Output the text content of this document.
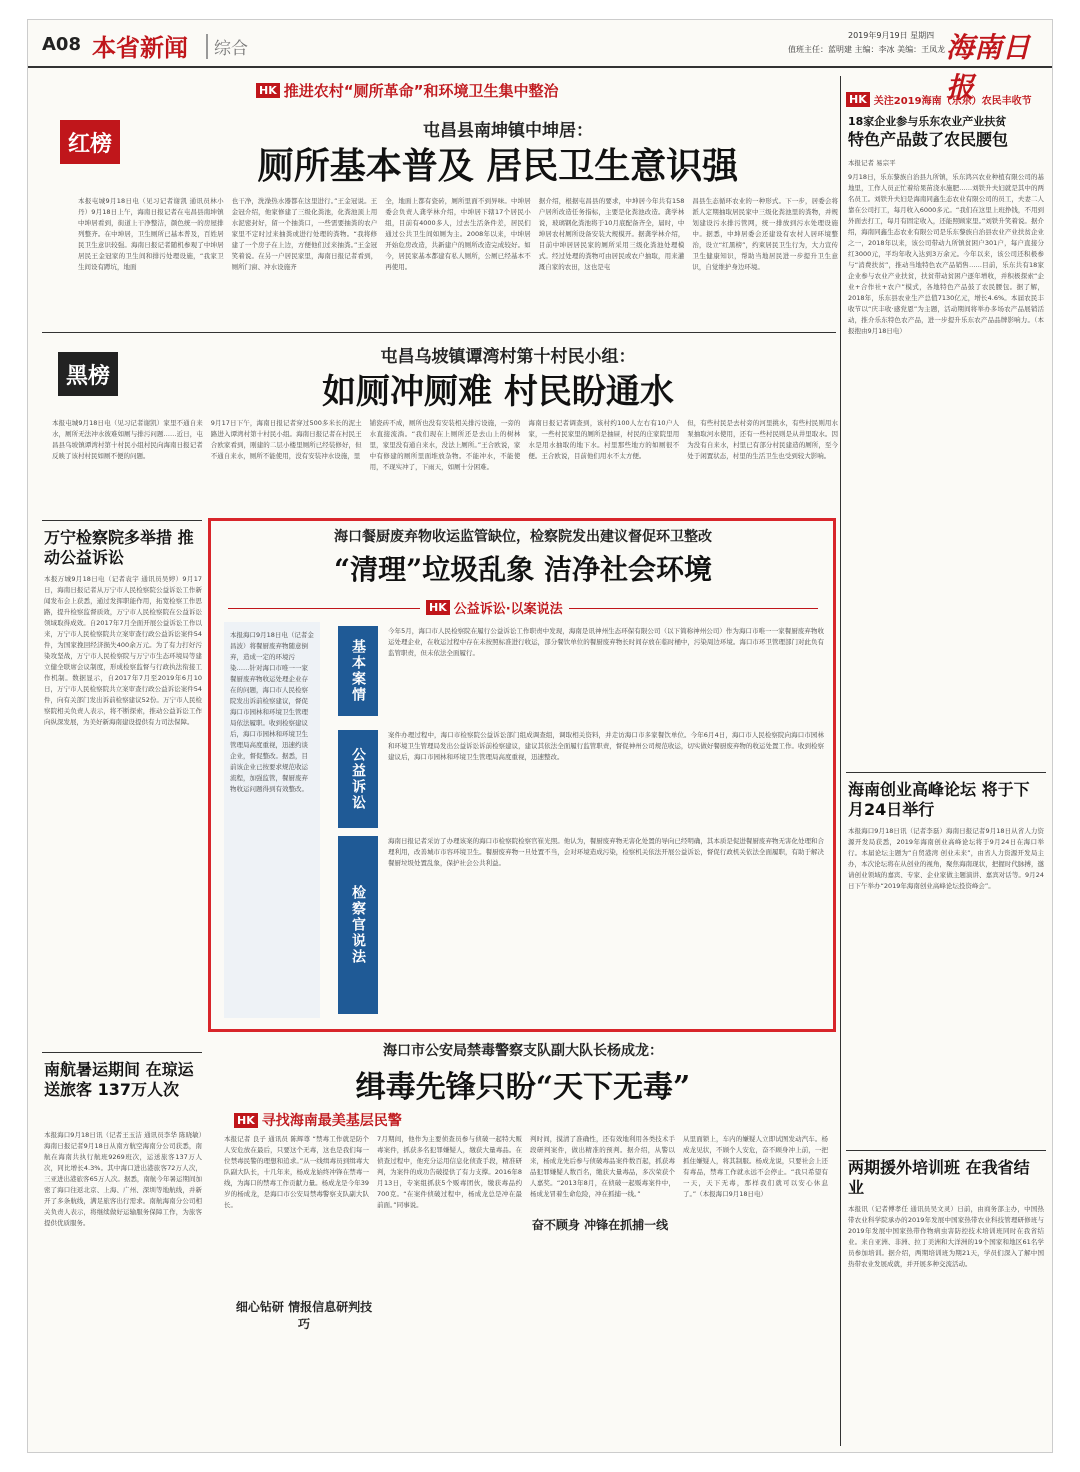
A08 本省新闻	综合
2019年9月19日 星期四
值班主任：蓝明建 主编：李冰 美编：王凤龙 海南日报
HK 推进农村“厕所革命”和环境卫生集中整治
红榜
屯昌县南坤镇中坤居：
厕所基本普及 居民卫生意识强
本报屯城9月18日电（见习记者谢凯 通讯员林小丹）9月18日上午，海南日报记者在屯昌县南坤镇中坤居看到，街道上干净整洁，颜色统一的房屋排列整齐。在中坤居，卫生厕所已基本普及，百姓居民卫生意识较强。海南日报记者随机参观了中坤居居民王金冠家的卫生间和排污处理设施，“我家卫生间设有蹲坑，地面
也干净，洗澡热水器都在这里进行。”王金冠说。王金冠介绍，他家修建了三级化粪池，化粪池顶上用水泥密封好，留一个抽粪口，一些需要抽粪的农户家里不定时过来抽粪或进行处理的粪物。“我将修建了一个房子在上边，方便他们过来抽粪。”王金冠笑着说。在另一户居民家里，海南日报记者看到，厕所门窗、冲水设施齐
全，地面上都有瓷砖，厕所里面不到异味。中坤居委会负责人龚学林介绍，中坤居下辖17个居民小组，目前有4000多人，过去生活条件差，居民们通过公共卫生间如厕为主。2008年以来，中坤居开始危房改造，共新建户的厕所改造完成较好。如今，居民家基本都建有私人厕所，公厕已经基本不再使用。
据介绍，根据屯昌县的要求，中坤居今年共有158户居所改造任务指标，主要是化粪池改造。龚学林说，玻璃钢化粪池将于10月底配备齐全，届时，中坤居农村厕所设备安装大规模开。据龚学林介绍，目前中坤居居民家的厕所采用三级化粪池处理模式。经过处理的粪物可由居民或农户抽取，用来灌溉自家的农田，这也是屯
昌县生态循环农业的一种形式。下一步，居委会将派人定期抽取居民家中三级化粪池里的粪物，并规划建设污水排污管网，统一排放到污水处理设施中。据悉，中坤居委会还建设有农村人居环境整治，设立“红黑榜”，约束居民卫生行为，大力宣传卫生健康知识，帮助当地居民进一步提升卫生意识，自觉维护身边环境。
黑榜
屯昌乌坡镇谭湾村第十村民小组：
如厕冲厕难 村民盼通水
本报屯城9月18日电（见习记者谢凯）家里不通自来水，厕所无法冲水彼难如厕与排污问题……近日，屯昌县乌坡镇谭湾村第十村民小组村民向海南日报记者反映了该村村民如厕不便的问题。
9月17日下午，海南日报记者穿过500多米长的泥土路进入谭湾村第十村民小组。海南日报记者在村民王合欧家看到，刚建的二层小楼里厕所已经装修好，但不通自来水，厕所不能使用，没有安装冲水设施，里
铺瓷砖不成，厕所也没有安装相关排污设施，一旁的水直接流淌。“我们现在上厕所还是去山上的树林里，家里没有通自来水，没法上厕所。”王合欧说，家中有修建的厕所里面堆放杂物。不能冲水，不能使用，不现实冲了，下雨天，如厕十分困难。
海南日报记者调查到，该村约100人左右有10户人家，一些村民家里的厕所是抽屉，村民的庄家院里用水是用水抽取的地下水。村里那些地方的如厕很不便。王合欧说，目前他们用水不太方便。
但，有些村民是去村旁的河里挑水，有些村民则用水泵抽取河水使用，还有一些村民则是从井里取水。因为没有自来水，村里已有部分村民建造的厕所，至今处于闲置状态，村里的生活卫生也受到较大影响。
HK 关注2019海南（乐东）农民丰收节
18家企业参与乐东农业产业扶贫
特色产品鼓了农民腰包
本报记者 易宗平
9月18日，乐东黎族自治县九所镇，乐东鸿兴农业种植有限公司的基地里，工作人员正忙着给果苗浇水施肥……刘铁升夫妇就是其中的两名员工。刘铁升夫妇是海南同鑫生态农业有限公司的员工，夫妻二人靠在公司打工，每月收入6000多元。“我们在这里上班挣钱，不用到外面去打工，每月有固定收入，还能照顾家里。”刘铁升笑着说。据介绍，海南同鑫生态农业有限公司是乐东黎族自治县农业产业扶贫企业之一，2018年以来，该公司带动九所镇贫困户301户，每户直接分红3000元，平均年收入达到3万余元。今年以来，该公司还积极参与“消费扶贫”，推动当地特色农产品销售……目前，乐东共有18家企业参与农业产业扶贫，扶贫带动贫困户逐年增收，并积极探索“企业+合作社+农户”模式，各地特色产品鼓了农民腰包。据了解，2018年，乐东县农业生产总值7130亿元，增长4.6%。本届农民丰收节以“庆丰收·感党恩”为主题，活动期间将举办多场农产品展销活动，推介乐东特色农产品，进一步提升乐东农产品品牌影响力。（本报抱由9月18日电）
海南创业高峰论坛 将于下月24日举行
本报海口9月18日讯（记者李磊）海南日报记者9月18日从省人力资源开发局获悉，2019年海南创业高峰论坛将于9月24日在海口举行。本届论坛主题为“自贸港湾 创业未来”，由省人力资源开发局主办，本次论坛将在从创业的视角，聚焦海南现状，把握时代脉搏，邀请创业领域的嘉宾、专家、企业家做主题演讲、嘉宾对话等。9月24日下午举办“2019年海南创业高峰论坛投资峰会”。
两期援外培训班 在我省结业
本报讯（记者傅孝任 通讯员吴文灵）日前，由商务部主办，中国热带农业科学院承办的2019年发展中国家热带农业科技管理研修班与2019年发展中国家热带作物病虫害防控技术培训班同时在我省结业。来自亚洲、非洲、拉丁美洲和大洋洲的19个国家和地区61名学员参加培训。据介绍，两期培训班为期21天，学员们深入了解中国热带农业发展成就，并开展多种交流活动。
万宁检察院多举措 推动公益诉讼
本报万城9月18日电（记者袁宇 通讯员吴婷）9月17日，海南日报记者从万宁市人民检察院公益诉讼工作新闻发布会上获悉，通过发挥职能作用，拓宽检察工作思路，提升检察监督质效，万宁市人民检察院在公益诉讼领域取得成效。自2017年7月全面开展公益诉讼工作以来，万宁市人民检察院共立案审查行政公益诉讼案件54件，为国家挽回经济损失400余万元。为了有力打好污染攻坚战，万宁市人民检察院与万宁市生态环境局等建立健全联席会议制度，形成检察监督与行政执法衔接工作机制。数据显示，自2017年7月至2019年6月10日，万宁市人民检察院共立案审查行政公益诉讼案件54件，向有关部门发出诉前检察建议52份。万宁市人民检察院相关负责人表示，将不断探索，推动公益诉讼工作向纵深发展，为美好新海南建设提供有力司法保障。
南航暑运期间 在琼运送旅客 137万人次
本报海口9月18日讯（记者王玉洁 通讯员李华 陈晓敏）海南日报记者9月18日从南方航空海南分公司获悉，南航在海南共执行航班9269班次，运送旅客137万人次，同比增长4.3%。其中海口进出港旅客72万人次，三亚进出港旅客65万人次。据悉，南航今年暑运期间加密了海口往返北京、上海、广州、深圳等地航线，并新开了多条航线，满足旅客出行需求。南航海南分公司相关负责人表示，将继续做好运输服务保障工作，为旅客提供优质服务。
海口餐厨废弃物收运监管缺位，检察院发出建议督促环卫整改
“清理”垃圾乱象 洁净社会环境
HK 公益诉讼·以案说法
本报海口9月18日电（记者金昌波）将餐厨废弃物随意倒弃，造成一定的环境污染……针对海口市唯一一家餐厨废弃物收运处理企业存在的问题，海口市人民检察院发出诉前检察建议，督促海口市园林和环境卫生管理局依法履职。收到检察建议后，海口市园林和环境卫生管理局高度重视，迅速约谈企业，督促整改。据悉，目前该企业已按要求规范收运流程，加强监管，餐厨废弃物收运问题得到有效整改。
基本案情
今年5月，海口市人民检察院在履行公益诉讼工作职责中发现，海南是讯神州生态环保有限公司（以下简称神州公司）作为海口市唯一一家餐厨废弃物收运处理企业，在收运过程中存在未按照标准进行收运，部分餐饮单位的餐厨废弃物长时间存放在临时桶中，污染周边环境。海口市环卫管理部门对此负有监管职责，但未依法全面履行。
公益诉讼
案件办理过程中，海口市检察院公益诉讼部门组成调查组，调取相关资料，并走访海口市多家餐饮单位。今年6月4日，海口市人民检察院向海口市园林和环境卫生管理局发出公益诉讼诉前检察建议，建议其依法全面履行监管职责，督促神州公司规范收运，切实做好餐厨废弃物的收运处置工作。收到检察建议后，海口市园林和环境卫生管理局高度重视，迅速整改。
检察官说法
海南日报记者采访了办理该案的海口市检察院检察官崔光照。他认为，餐厨废弃物无害化处置的导向已经明确，其本质是促进餐厨废弃物无害化处理和合理利用，改善城市市容环境卫生。餐厨废弃物一旦处置不当，会对环境造成污染，检察机关依法开展公益诉讼，督促行政机关依法全面履职，有助于解决餐厨垃圾处置乱象，保护社会公共利益。
海口市公安局禁毒警察支队副大队长杨成龙：
缉毒先锋只盼“天下无毒”
HK 寻找海南最美基层民警
本报记者 良子 通讯员 陈辉尊 “禁毒工作就是防个人安危放在最后，只要这个无毒，这也是我们每一位禁毒民警的理想和追求。”从一线缉毒员到缉毒大队副大队长，十几年来，杨成龙始终冲锋在禁毒一线，为海口的禁毒工作贡献力量。杨成龙是今年39岁的杨成龙，是海口市公安局禁毒警察支队副大队长。
7月期间，他作为主要侦查员参与侦破一起特大贩毒案件，抓获多名犯罪嫌疑人，缴获大量毒品。在侦查过程中，他充分运用信息化侦查手段，精准研判，为案件的成功告破提供了有力支撑。2016年8月13日，专案组抓获5个贩毒团伙，缴获毒品约700克。“在案件侦破过程中，杨成龙总是冲在最前面。”同事说。
判时间，摸清了准确性，还有效地利用各类技术手段研判案件，做出精准的预判。据介绍，从警以来，杨成龙先后参与侦破毒品案件数百起，抓获毒品犯罪嫌疑人数百名，缴获大量毒品，多次荣获个人嘉奖。“2013年8月，在侦破一起贩毒案件中，杨成龙冒着生命危险，冲在抓捕一线。”
从里面锁上，车内的嫌疑人立即试图发动汽车。杨成龙见状，不顾个人安危，奋不顾身冲上前，一把抓住嫌疑人，将其制服。杨成龙说，只要社会上还有毒品，禁毒工作就永远不会停止。“我只希望有一天，天下无毒，那样我们就可以安心休息了。”（本报海口9月18日电）
细心钻研 情报信息研判技巧
奋不顾身 冲锋在抓捕一线
